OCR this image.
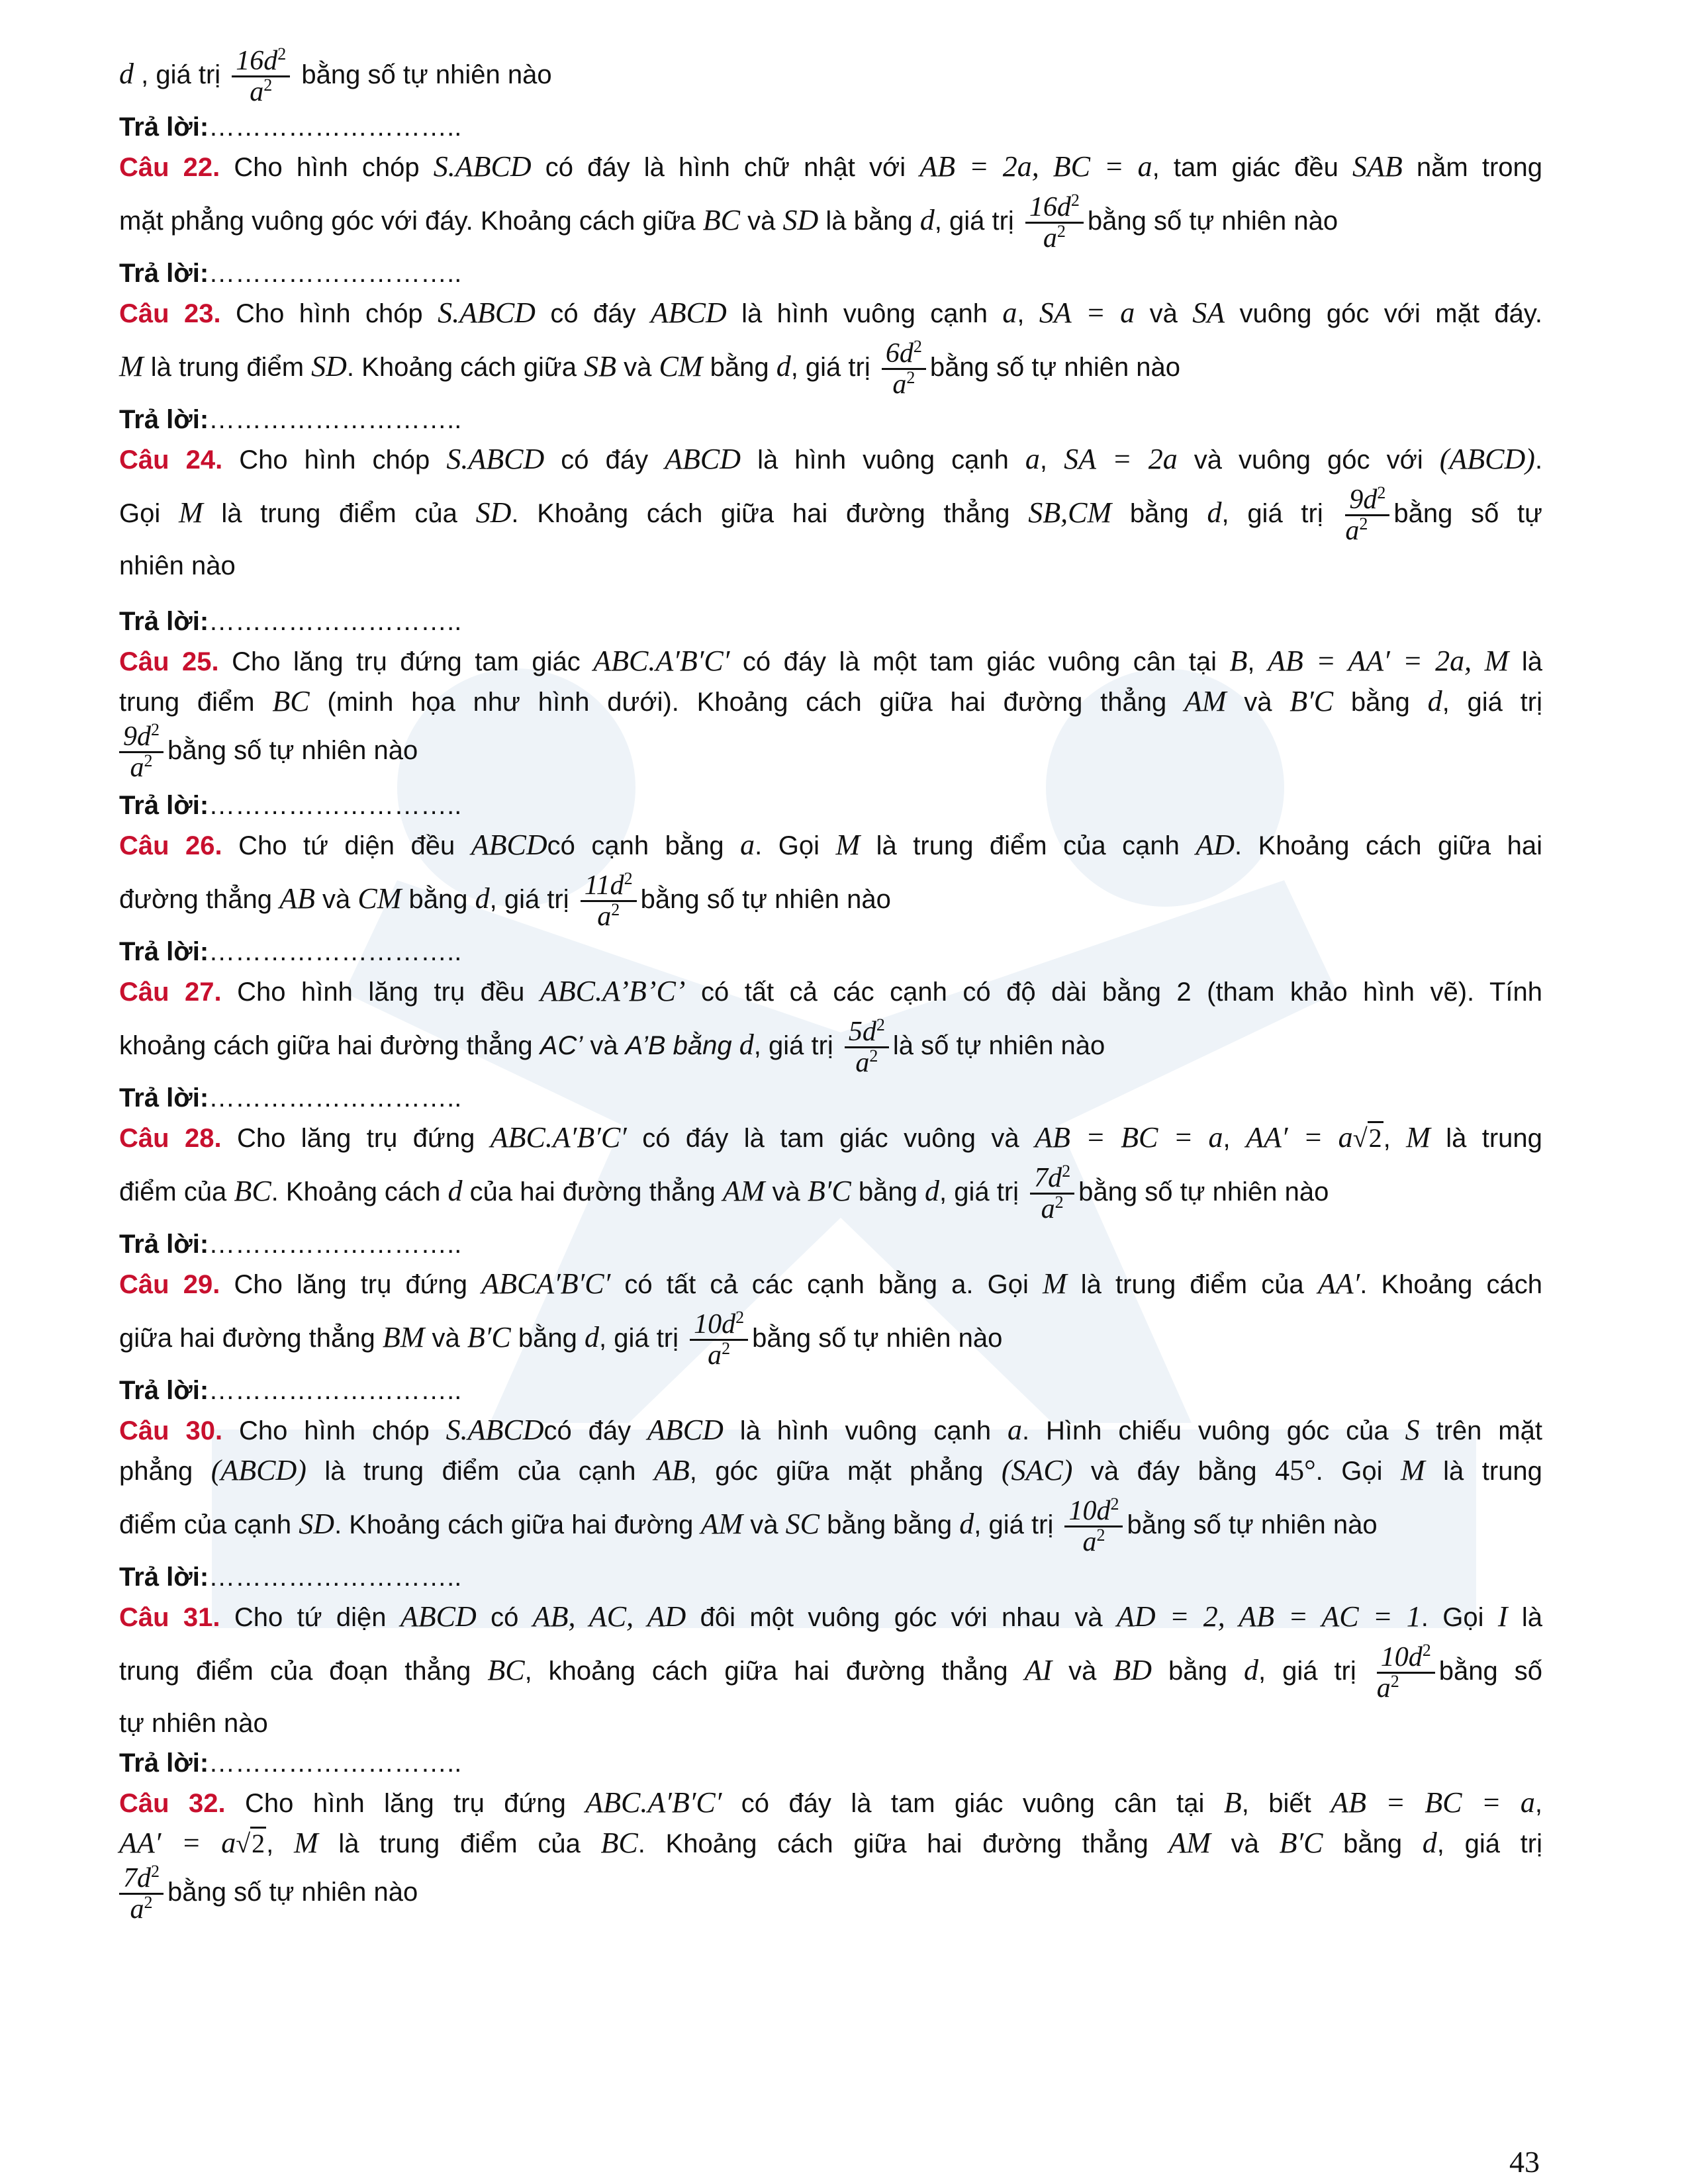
d , giá trị $\frac{16d^2}{a^2}$ bằng số tự nhiên nào
Trả lời:………………………..
Câu 22. Cho hình chóp S.ABCD có đáy là hình chữ nhật với AB = 2a, BC = a, tam giác đều SAB nằm trong
mặt phẳng vuông góc với đáy. Khoảng cách giữa BC và SD là bằng d, giá trị $\frac{16d^2}{a^2}$ bằng số tự nhiên nào
Trả lời:………………………..
Câu 23. Cho hình chóp S.ABCD có đáy ABCD là hình vuông cạnh a, SA = a và SA vuông góc với mặt đáy.
M là trung điểm SD. Khoảng cách giữa SB và CM bằng d, giá trị $\frac{6d^2}{a^2}$ bằng số tự nhiên nào
Trả lời:………………………..
Câu 24. Cho hình chóp S.ABCD có đáy ABCD là hình vuông cạnh a, SA = 2a và vuông góc với (ABCD).
Gọi M là trung điểm của SD. Khoảng cách giữa hai đường thẳng SB,CM bằng d, giá trị $\frac{9d^2}{a^2}$ bằng số tự
nhiên nào
Trả lời:………………………..
Câu 25. Cho lăng trụ đứng tam giác ABC.A′B′C′ có đáy là một tam giác vuông cân tại B, AB = AA′ = 2a, M là
trung điểm BC (minh họa như hình dưới). Khoảng cách giữa hai đường thẳng AM và B′C bằng d, giá trị
$\frac{9d^2}{a^2}$ bằng số tự nhiên nào
Trả lời:………………………..
Câu 26. Cho tứ diện đều ABCDcó cạnh bằng a. Gọi M là trung điểm của cạnh AD. Khoảng cách giữa hai
đường thẳng AB và CM bằng d, giá trị $\frac{11d^2}{a^2}$ bằng số tự nhiên nào
Trả lời:………………………..
Câu 27. Cho hình lăng trụ đều ABC.A’B’C’ có tất cả các cạnh có độ dài bằng 2 (tham khảo hình vẽ). Tính
khoảng cách giữa hai đường thẳng AC’ và A’B bằng d, giá trị $\frac{5d^2}{a^2}$ là số tự nhiên nào
Trả lời:………………………..
Câu 28. Cho lăng trụ đứng ABC.A′B′C′ có đáy là tam giác vuông và AB = BC = a, AA′ = a√2, M là trung
điểm của BC. Khoảng cách d của hai đường thẳng AM và B′C bằng d, giá trị $\frac{7d^2}{a^2}$ bằng số tự nhiên nào
Trả lời:………………………..
Câu 29. Cho lăng trụ đứng ABCA′B′C′ có tất cả các cạnh bằng a. Gọi M là trung điểm của AA′. Khoảng cách
giữa hai đường thẳng BM và B′C bằng d, giá trị $\frac{10d^2}{a^2}$ bằng số tự nhiên nào
Trả lời:………………………..
Câu 30. Cho hình chóp S.ABCDcó đáy ABCD là hình vuông cạnh a. Hình chiếu vuông góc của S trên mặt
phẳng (ABCD) là trung điểm của cạnh AB, góc giữa mặt phẳng (SAC) và đáy bằng 45°. Gọi M là trung
điểm của cạnh SD. Khoảng cách giữa hai đường AM và SC bằng bằng d, giá trị $\frac{10d^2}{a^2}$ bằng số tự nhiên nào
Trả lời:………………………..
Câu 31. Cho tứ diện ABCD có AB, AC, AD đôi một vuông góc với nhau và AD = 2, AB = AC = 1. Gọi I là
trung điểm của đoạn thẳng BC, khoảng cách giữa hai đường thẳng AI và BD bằng d, giá trị $\frac{10d^2}{a^2}$ bằng số
tự nhiên nào
Trả lời:………………………..
Câu 32. Cho hình lăng trụ đứng ABC.A′B′C′ có đáy là tam giác vuông cân tại B, biết AB = BC = a,
AA′ = a√2, M là trung điểm của BC. Khoảng cách giữa hai đường thẳng AM và B′C bằng d, giá trị
$\frac{7d^2}{a^2}$ bằng số tự nhiên nào
43
